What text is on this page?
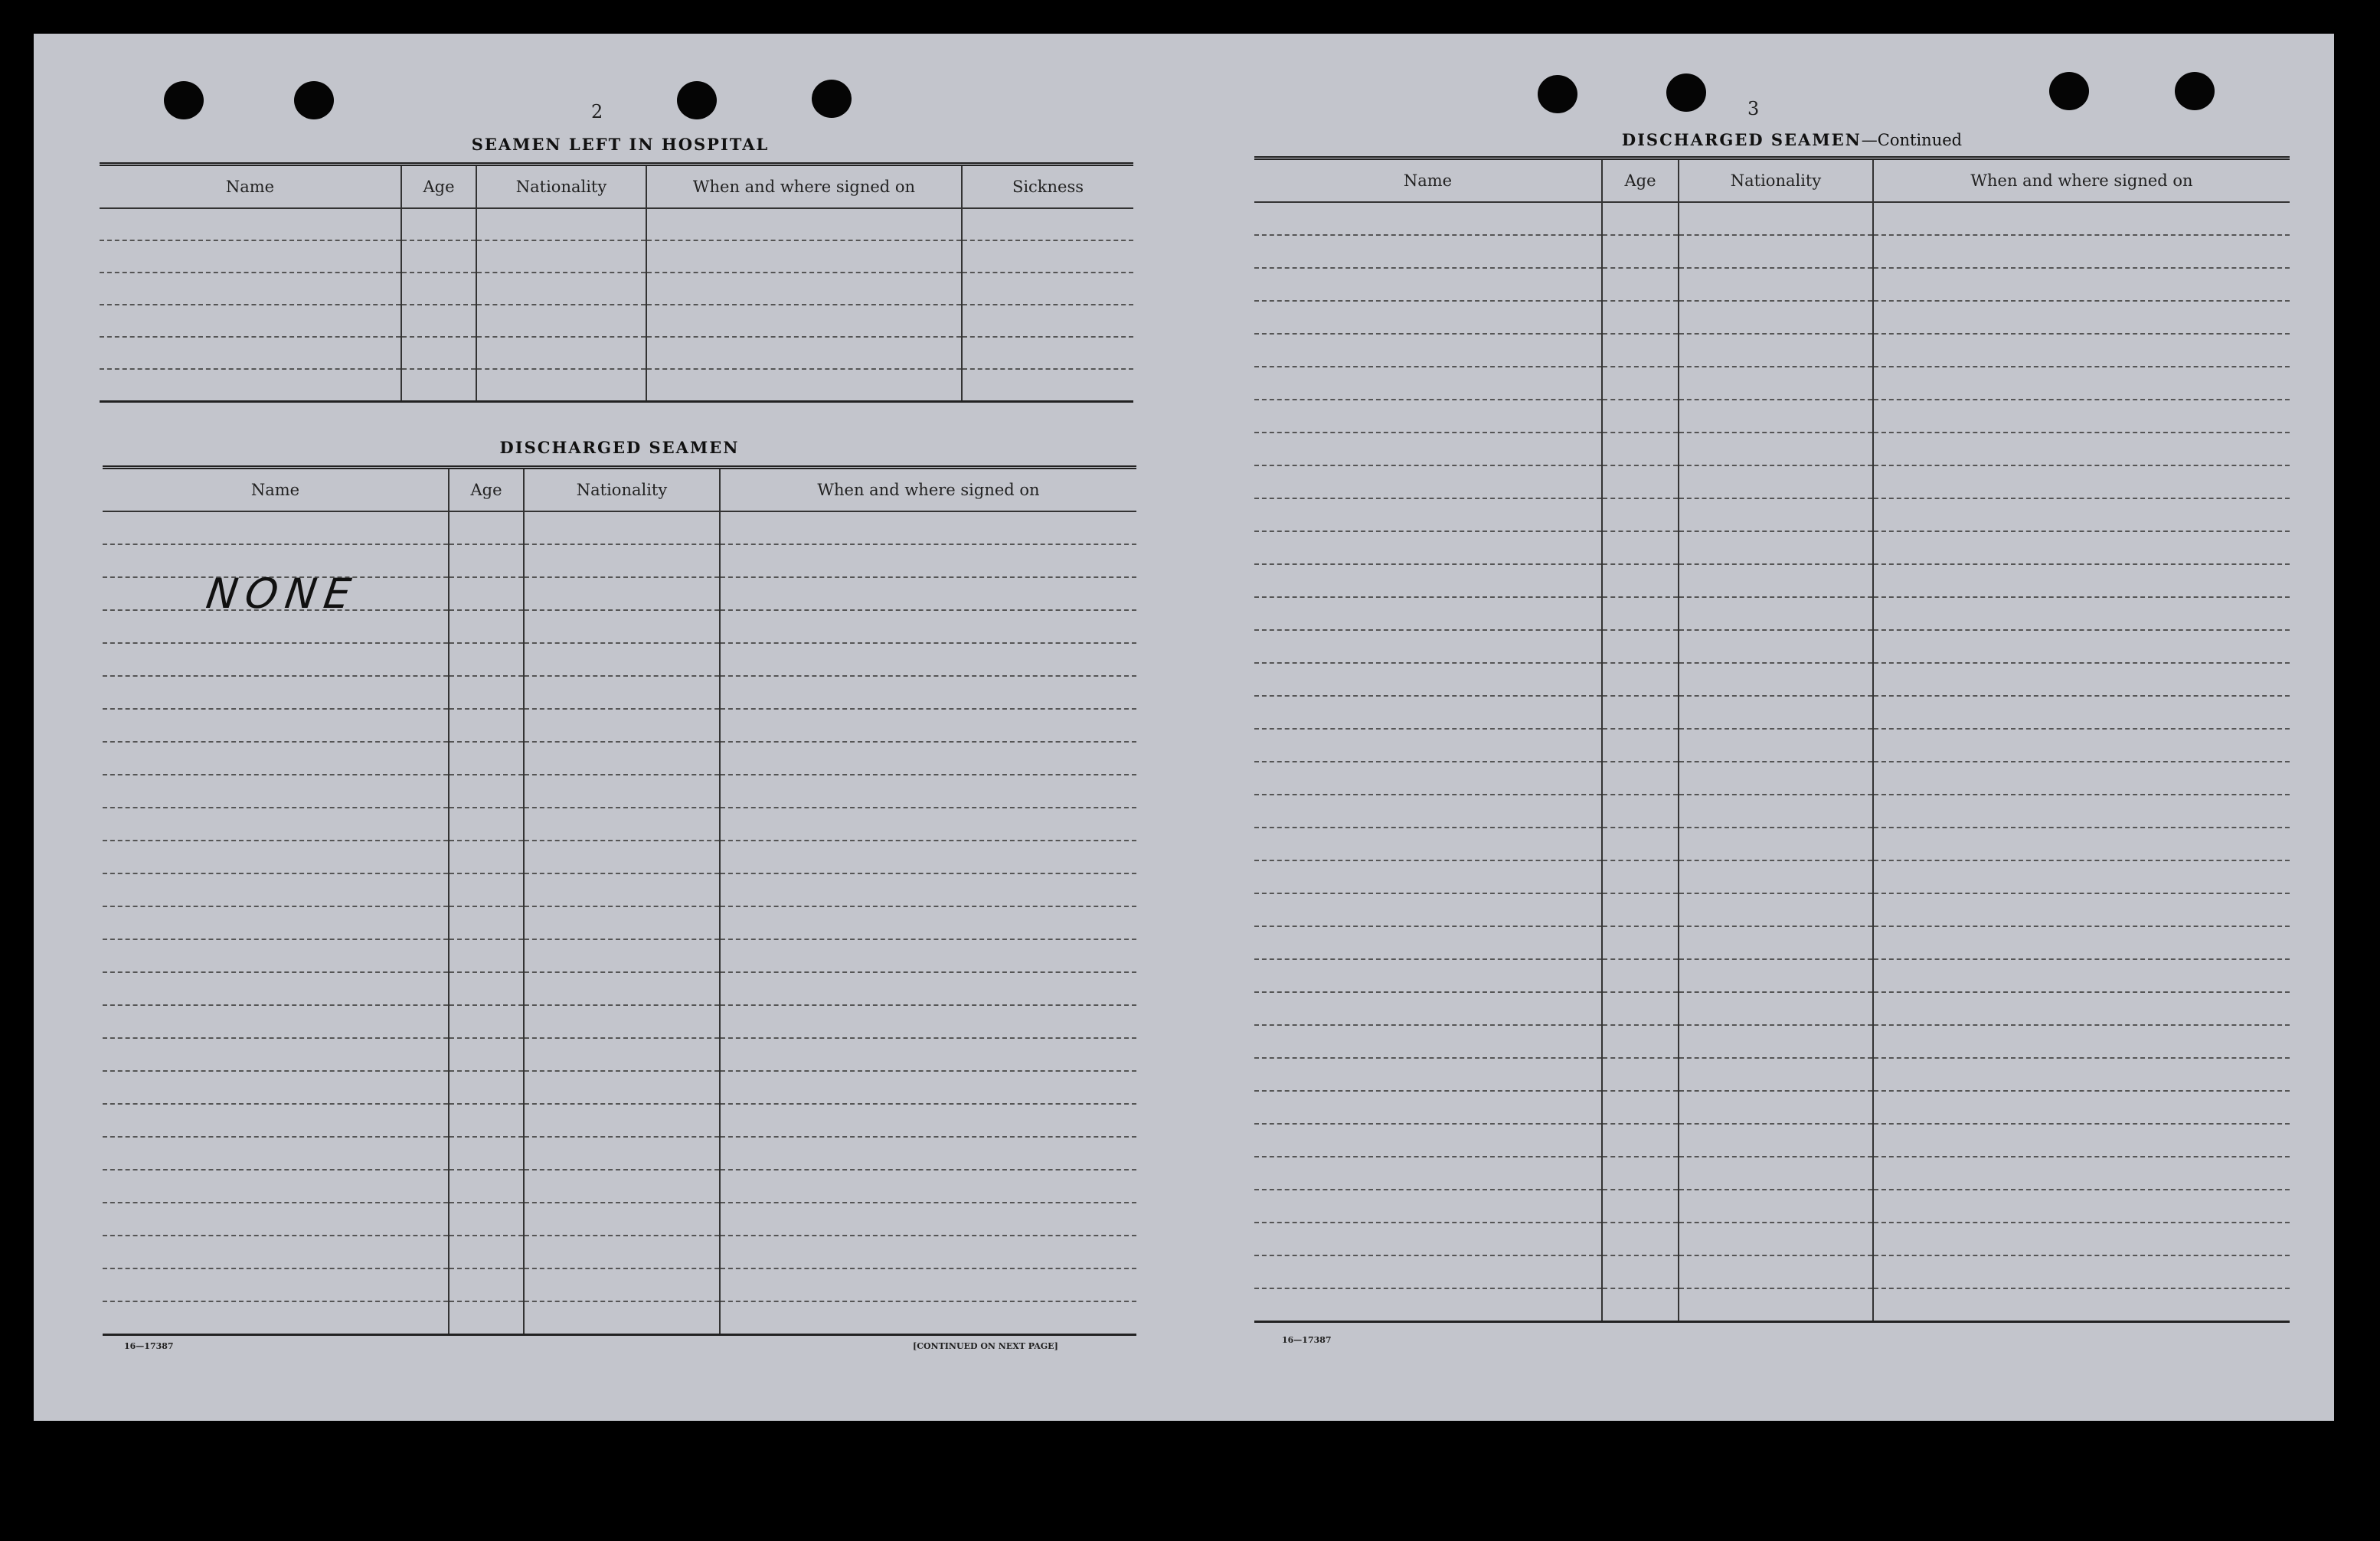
2
SEAMEN LEFT IN HOSPITAL
Name	Age	Nationality	When and where signed on	Sickness

DISCHARGED SEAMEN
Name	Age	Nationality	When and where signed on

NONE
16—17387	[CONTINUED ON NEXT PAGE]
3
DISCHARGED SEAMEN—Continued
Name	Age	Nationality	When and where signed on

16—17387
